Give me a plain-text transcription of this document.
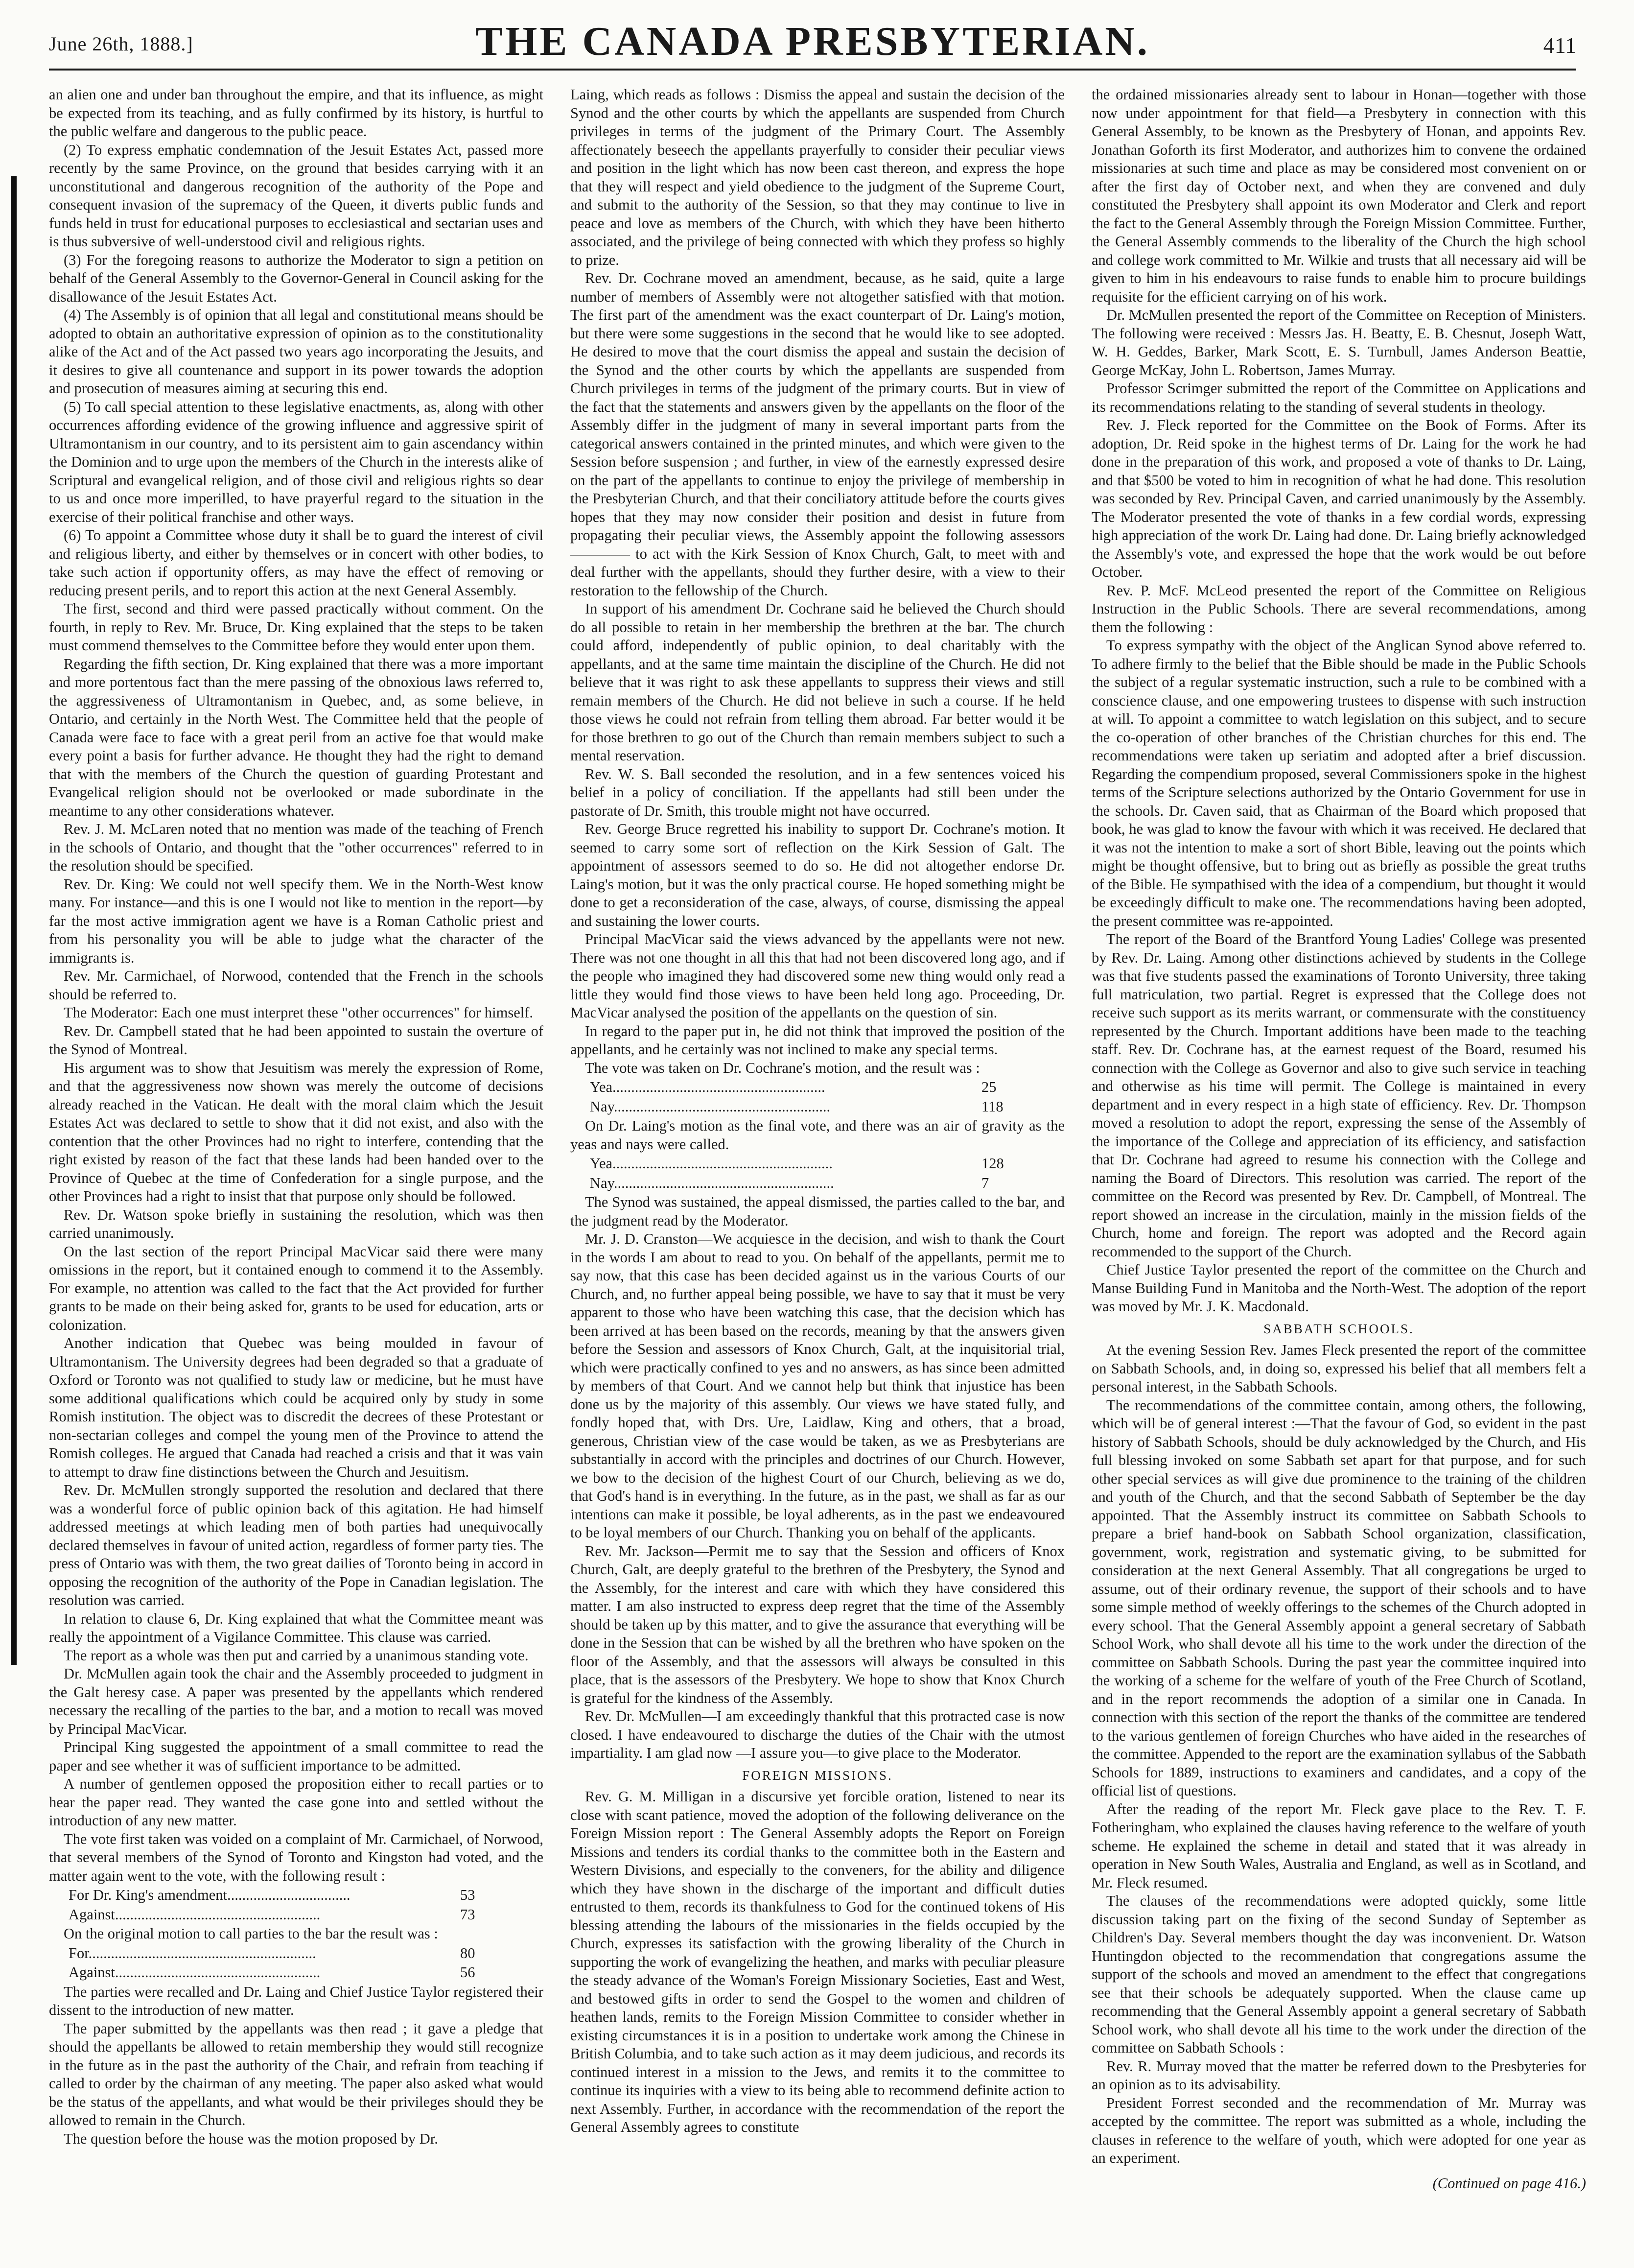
June 26th, 1888.]	THE CANADA PRESBYTERIAN.	411

an alien one and under ban throughout the empire, and that its influence, as might be expected from its teaching, and as fully confirmed by its history, is hurtful to the public welfare and dangerous to the public peace.

(2) To express emphatic condemnation of the Jesuit Estates Act, passed more recently by the same Province, on the ground that besides carrying with it an unconstitutional and dangerous recognition of the authority of the Pope and consequent invasion of the supremacy of the Queen, it diverts public funds and funds held in trust for educational purposes to ecclesiastical and sectarian uses and is thus subversive of well-understood civil and religious rights.

(3) For the foregoing reasons to authorize the Moderator to sign a petition on behalf of the General Assembly to the Governor-General in Council asking for the disallowance of the Jesuit Estates Act.

(4) The Assembly is of opinion that all legal and constitutional means should be adopted to obtain an authoritative expression of opinion as to the constitutionality alike of the Act and of the Act passed two years ago incorporating the Jesuits, and it desires to give all countenance and support in its power towards the adoption and prosecution of measures aiming at securing this end.

(5) To call special attention to these legislative enactments, as, along with other occurrences affording evidence of the growing influence and aggressive spirit of Ultramontanism in our country, and to its persistent aim to gain ascendancy within the Dominion and to urge upon the members of the Church in the interests alike of Scriptural and evangelical religion, and of those civil and religious rights so dear to us and once more imperilled, to have prayerful regard to the situation in the exercise of their political franchise and other ways.

(6) To appoint a Committee whose duty it shall be to guard the interest of civil and religious liberty, and either by themselves or in concert with other bodies, to take such action if opportunity offers, as may have the effect of removing or reducing present perils, and to report this action at the next General Assembly.

The first, second and third were passed practically without comment. On the fourth, in reply to Rev. Mr. Bruce, Dr. King explained that the steps to be taken must commend themselves to the Committee before they would enter upon them.

Regarding the fifth section, Dr. King explained that there was a more important and more portentous fact than the mere passing of the obnoxious laws referred to, the aggressiveness of Ultramontanism in Quebec, and, as some believe, in Ontario, and certainly in the North West. The Committee held that the people of Canada were face to face with a great peril from an active foe that would make every point a basis for further advance. He thought they had the right to demand that with the members of the Church the question of guarding Protestant and Evangelical religion should not be overlooked or made subordinate in the meantime to any other considerations whatever.

Rev. J. M. McLaren noted that no mention was made of the teaching of French in the schools of Ontario, and thought that the "other occurrences" referred to in the resolution should be specified.

Rev. Dr. King: We could not well specify them. We in the North-West know many. For instance—and this is one I would not like to mention in the report—by far the most active immigration agent we have is a Roman Catholic priest and from his personality you will be able to judge what the character of the immigrants is.

Rev. Mr. Carmichael, of Norwood, contended that the French in the schools should be referred to.

The Moderator: Each one must interpret these "other occurrences" for himself.

Rev. Dr. Campbell stated that he had been appointed to sustain the overture of the Synod of Montreal.

His argument was to show that Jesuitism was merely the expression of Rome, and that the aggressiveness now shown was merely the outcome of decisions already reached in the Vatican. He dealt with the moral claim which the Jesuit Estates Act was declared to settle to show that it did not exist, and also with the contention that the other Provinces had no right to interfere, contending that the right existed by reason of the fact that these lands had been handed over to the Province of Quebec at the time of Confederation for a single purpose, and the other Provinces had a right to insist that that purpose only should be followed.

Rev. Dr. Watson spoke briefly in sustaining the resolution, which was then carried unanimously.

On the last section of the report Principal MacVicar said there were many omissions in the report, but it contained enough to commend it to the Assembly. For example, no attention was called to the fact that the Act provided for further grants to be made on their being asked for, grants to be used for education, arts or colonization.

Another indication that Quebec was being moulded in favour of Ultramontanism. The University degrees had been degraded so that a graduate of Oxford or Toronto was not qualified to study law or medicine, but he must have some additional qualifications which could be acquired only by study in some Romish institution. The object was to discredit the decrees of these Protestant or non-sectarian colleges and compel the young men of the Province to attend the Romish colleges. He argued that Canada had reached a crisis and that it was vain to attempt to draw fine distinctions between the Church and Jesuitism.

Rev. Dr. McMullen strongly supported the resolution and declared that there was a wonderful force of public opinion back of this agitation. He had himself addressed meetings at which leading men of both parties had unequivocally declared themselves in favour of united action, regardless of former party ties. The press of Ontario was with them, the two great dailies of Toronto being in accord in opposing the recognition of the authority of the Pope in Canadian legislation. The resolution was carried.

In relation to clause 6, Dr. King explained that what the Committee meant was really the appointment of a Vigilance Committee. This clause was carried.

The report as a whole was then put and carried by a unanimous standing vote.

Dr. McMullen again took the chair and the Assembly proceeded to judgment in the Galt heresy case. A paper was presented by the appellants which rendered necessary the recalling of the parties to the bar, and a motion to recall was moved by Principal MacVicar.

Principal King suggested the appointment of a small committee to read the paper and see whether it was of sufficient importance to be admitted.

A number of gentlemen opposed the proposition either to recall parties or to hear the paper read. They wanted the case gone into and settled without the introduction of any new matter.

The vote first taken was voided on a complaint of Mr. Carmichael, of Norwood, that several members of the Synod of Toronto and Kingston had voted, and the matter again went to the vote, with the following result :

For Dr. King's amendment.................................	53
Against.......................................................	73

On the original motion to call parties to the bar the result was :

For.............................................................	80
Against.......................................................	56

The parties were recalled and Dr. Laing and Chief Justice Taylor registered their dissent to the introduction of new matter.

The paper submitted by the appellants was then read ; it gave a pledge that should the appellants be allowed to retain membership they would still recognize in the future as in the past the authority of the Chair, and refrain from teaching if called to order by the chairman of any meeting. The paper also asked what would be the status of the appellants, and what would be their privileges should they be allowed to remain in the Church.

The question before the house was the motion proposed by Dr.

Laing, which reads as follows : Dismiss the appeal and sustain the decision of the Synod and the other courts by which the appellants are suspended from Church privileges in terms of the judgment of the Primary Court. The Assembly affectionately beseech the appellants prayerfully to consider their peculiar views and position in the light which has now been cast thereon, and express the hope that they will respect and yield obedience to the judgment of the Supreme Court, and submit to the authority of the Session, so that they may continue to live in peace and love as members of the Church, with which they have been hitherto associated, and the privilege of being connected with which they profess so highly to prize.

Rev. Dr. Cochrane moved an amendment, because, as he said, quite a large number of members of Assembly were not altogether satisfied with that motion. The first part of the amendment was the exact counterpart of Dr. Laing's motion, but there were some suggestions in the second that he would like to see adopted. He desired to move that the court dismiss the appeal and sustain the decision of the Synod and the other courts by which the appellants are suspended from Church privileges in terms of the judgment of the primary courts. But in view of the fact that the statements and answers given by the appellants on the floor of the Assembly differ in the judgment of many in several important parts from the categorical answers contained in the printed minutes, and which were given to the Session before suspension ; and further, in view of the earnestly expressed desire on the part of the appellants to continue to enjoy the privilege of membership in the Presbyterian Church, and that their conciliatory attitude before the courts gives hopes that they may now consider their position and desist in future from propagating their peculiar views, the Assembly appoint the following assessors———— to act with the Kirk Session of Knox Church, Galt, to meet with and deal further with the appellants, should they further desire, with a view to their restoration to the fellowship of the Church.

In support of his amendment Dr. Cochrane said he believed the Church should do all possible to retain in her membership the brethren at the bar. The church could afford, independently of public opinion, to deal charitably with the appellants, and at the same time maintain the discipline of the Church. He did not believe that it was right to ask these appellants to suppress their views and still remain members of the Church. He did not believe in such a course. If he held those views he could not refrain from telling them abroad. Far better would it be for those brethren to go out of the Church than remain members subject to such a mental reservation.

Rev. W. S. Ball seconded the resolution, and in a few sentences voiced his belief in a policy of conciliation. If the appellants had still been under the pastorate of Dr. Smith, this trouble might not have occurred.

Rev. George Bruce regretted his inability to support Dr. Cochrane's motion. It seemed to carry some sort of reflection on the Kirk Session of Galt. The appointment of assessors seemed to do so. He did not altogether endorse Dr. Laing's motion, but it was the only practical course. He hoped something might be done to get a reconsideration of the case, always, of course, dismissing the appeal and sustaining the lower courts.

Principal MacVicar said the views advanced by the appellants were not new. There was not one thought in all this that had not been discovered long ago, and if the people who imagined they had discovered some new thing would only read a little they would find those views to have been held long ago. Proceeding, Dr. MacVicar analysed the position of the appellants on the question of sin.

In regard to the paper put in, he did not think that improved the position of the appellants, and he certainly was not inclined to make any special terms.

The vote was taken on Dr. Cochrane's motion, and the result was :

Yea.........................................................	25
Nay..........................................................	118

On Dr. Laing's motion as the final vote, and there was an air of gravity as the yeas and nays were called.

Yea...........................................................	128
Nay...........................................................	7

The Synod was sustained, the appeal dismissed, the parties called to the bar, and the judgment read by the Moderator.

Mr. J. D. Cranston—We acquiesce in the decision, and wish to thank the Court in the words I am about to read to you. On behalf of the appellants, permit me to say now, that this case has been decided against us in the various Courts of our Church, and, no further appeal being possible, we have to say that it must be very apparent to those who have been watching this case, that the decision which has been arrived at has been based on the records, meaning by that the answers given before the Session and assessors of Knox Church, Galt, at the inquisitorial trial, which were practically confined to yes and no answers, as has since been admitted by members of that Court. And we cannot help but think that injustice has been done us by the majority of this assembly. Our views we have stated fully, and fondly hoped that, with Drs. Ure, Laidlaw, King and others, that a broad, generous, Christian view of the case would be taken, as we as Presbyterians are substantially in accord with the principles and doctrines of our Church. However, we bow to the decision of the highest Court of our Church, believing as we do, that God's hand is in everything. In the future, as in the past, we shall as far as our intentions can make it possible, be loyal adherents, as in the past we endeavoured to be loyal members of our Church. Thanking you on behalf of the applicants.

Rev. Mr. Jackson—Permit me to say that the Session and officers of Knox Church, Galt, are deeply grateful to the brethren of the Presbytery, the Synod and the Assembly, for the interest and care with which they have considered this matter. I am also instructed to express deep regret that the time of the Assembly should be taken up by this matter, and to give the assurance that everything will be done in the Session that can be wished by all the brethren who have spoken on the floor of the Assembly, and that the assessors will always be consulted in this place, that is the assessors of the Presbytery. We hope to show that Knox Church is grateful for the kindness of the Assembly.

Rev. Dr. McMullen—I am exceedingly thankful that this protracted case is now closed. I have endeavoured to discharge the duties of the Chair with the utmost impartiality. I am glad now —I assure you—to give place to the Moderator.

FOREIGN MISSIONS.

Rev. G. M. Milligan in a discursive yet forcible oration, listened to near its close with scant patience, moved the adoption of the following deliverance on the Foreign Mission report : The General Assembly adopts the Report on Foreign Missions and tenders its cordial thanks to the committee both in the Eastern and Western Divisions, and especially to the conveners, for the ability and diligence which they have shown in the discharge of the important and difficult duties entrusted to them, records its thankfulness to God for the continued tokens of His blessing attending the labours of the missionaries in the fields occupied by the Church, expresses its satisfaction with the growing liberality of the Church in supporting the work of evangelizing the heathen, and marks with peculiar pleasure the steady advance of the Woman's Foreign Missionary Societies, East and West, and bestowed gifts in order to send the Gospel to the women and children of heathen lands, remits to the Foreign Mission Committee to consider whether in existing circumstances it is in a position to undertake work among the Chinese in British Columbia, and to take such action as it may deem judicious, and records its continued interest in a mission to the Jews, and remits it to the committee to continue its inquiries with a view to its being able to recommend definite action to next Assembly. Further, in accordance with the recommendation of the report the General Assembly agrees to constitute

the ordained missionaries already sent to labour in Honan—together with those now under appointment for that field—a Presbytery in connection with this General Assembly, to be known as the Presbytery of Honan, and appoints Rev. Jonathan Goforth its first Moderator, and authorizes him to convene the ordained missionaries at such time and place as may be considered most convenient on or after the first day of October next, and when they are convened and duly constituted the Presbytery shall appoint its own Moderator and Clerk and report the fact to the General Assembly through the Foreign Mission Committee. Further, the General Assembly commends to the liberality of the Church the high school and college work committed to Mr. Wilkie and trusts that all necessary aid will be given to him in his endeavours to raise funds to enable him to procure buildings requisite for the efficient carrying on of his work.

Dr. McMullen presented the report of the Committee on Reception of Ministers. The following were received : Messrs Jas. H. Beatty, E. B. Chesnut, Joseph Watt, W. H. Geddes, Barker, Mark Scott, E. S. Turnbull, James Anderson Beattie, George McKay, John L. Robertson, James Murray.

Professor Scrimger submitted the report of the Committee on Applications and its recommendations relating to the standing of several students in theology.

Rev. J. Fleck reported for the Committee on the Book of Forms. After its adoption, Dr. Reid spoke in the highest terms of Dr. Laing for the work he had done in the preparation of this work, and proposed a vote of thanks to Dr. Laing, and that $500 be voted to him in recognition of what he had done. This resolution was seconded by Rev. Principal Caven, and carried unanimously by the Assembly. The Moderator presented the vote of thanks in a few cordial words, expressing high appreciation of the work Dr. Laing had done. Dr. Laing briefly acknowledged the Assembly's vote, and expressed the hope that the work would be out before October.

Rev. P. McF. McLeod presented the report of the Committee on Religious Instruction in the Public Schools. There are several recommendations, among them the following :

To express sympathy with the object of the Anglican Synod above referred to. To adhere firmly to the belief that the Bible should be made in the Public Schools the subject of a regular systematic instruction, such a rule to be combined with a conscience clause, and one empowering trustees to dispense with such instruction at will. To appoint a committee to watch legislation on this subject, and to secure the co-operation of other branches of the Christian churches for this end. The recommendations were taken up seriatim and adopted after a brief discussion. Regarding the compendium proposed, several Commissioners spoke in the highest terms of the Scripture selections authorized by the Ontario Government for use in the schools. Dr. Caven said, that as Chairman of the Board which proposed that book, he was glad to know the favour with which it was received. He declared that it was not the intention to make a sort of short Bible, leaving out the points which might be thought offensive, but to bring out as briefly as possible the great truths of the Bible. He sympathised with the idea of a compendium, but thought it would be exceedingly difficult to make one. The recommendations having been adopted, the present committee was re-appointed.

The report of the Board of the Brantford Young Ladies' College was presented by Rev. Dr. Laing. Among other distinctions achieved by students in the College was that five students passed the examinations of Toronto University, three taking full matriculation, two partial. Regret is expressed that the College does not receive such support as its merits warrant, or commensurate with the constituency represented by the Church. Important additions have been made to the teaching staff. Rev. Dr. Cochrane has, at the earnest request of the Board, resumed his connection with the College as Governor and also to give such service in teaching and otherwise as his time will permit. The College is maintained in every department and in every respect in a high state of efficiency. Rev. Dr. Thompson moved a resolution to adopt the report, expressing the sense of the Assembly of the importance of the College and appreciation of its efficiency, and satisfaction that Dr. Cochrane had agreed to resume his connection with the College and naming the Board of Directors. This resolution was carried. The report of the committee on the Record was presented by Rev. Dr. Campbell, of Montreal. The report showed an increase in the circulation, mainly in the mission fields of the Church, home and foreign. The report was adopted and the Record again recommended to the support of the Church.

Chief Justice Taylor presented the report of the committee on the Church and Manse Building Fund in Manitoba and the North-West. The adoption of the report was moved by Mr. J. K. Macdonald.

SABBATH SCHOOLS.

At the evening Session Rev. James Fleck presented the report of the committee on Sabbath Schools, and, in doing so, expressed his belief that all members felt a personal interest, in the Sabbath Schools.

The recommendations of the committee contain, among others, the following, which will be of general interest :—That the favour of God, so evident in the past history of Sabbath Schools, should be duly acknowledged by the Church, and His full blessing invoked on some Sabbath set apart for that purpose, and for such other special services as will give due prominence to the training of the children and youth of the Church, and that the second Sabbath of September be the day appointed. That the Assembly instruct its committee on Sabbath Schools to prepare a brief hand-book on Sabbath School organization, classification, government, work, registration and systematic giving, to be submitted for consideration at the next General Assembly. That all congregations be urged to assume, out of their ordinary revenue, the support of their schools and to have some simple method of weekly offerings to the schemes of the Church adopted in every school. That the General Assembly appoint a general secretary of Sabbath School Work, who shall devote all his time to the work under the direction of the committee on Sabbath Schools. During the past year the committee inquired into the working of a scheme for the welfare of youth of the Free Church of Scotland, and in the report recommends the adoption of a similar one in Canada. In connection with this section of the report the thanks of the committee are tendered to the various gentlemen of foreign Churches who have aided in the researches of the committee. Appended to the report are the examination syllabus of the Sabbath Schools for 1889, instructions to examiners and candidates, and a copy of the official list of questions.

After the reading of the report Mr. Fleck gave place to the Rev. T. F. Fotheringham, who explained the clauses having reference to the welfare of youth scheme. He explained the scheme in detail and stated that it was already in operation in New South Wales, Australia and England, as well as in Scotland, and Mr. Fleck resumed.

The clauses of the recommendations were adopted quickly, some little discussion taking part on the fixing of the second Sunday of September as Children's Day. Several members thought the day was inconvenient. Dr. Watson Huntingdon objected to the recommendation that congregations assume the support of the schools and moved an amendment to the effect that congregations see that their schools be adequately supported. When the clause came up recommending that the General Assembly appoint a general secretary of Sabbath School work, who shall devote all his time to the work under the direction of the committee on Sabbath Schools :

Rev. R. Murray moved that the matter be referred down to the Presbyteries for an opinion as to its advisability.

President Forrest seconded and the recommendation of Mr. Murray was accepted by the committee. The report was submitted as a whole, including the clauses in reference to the welfare of youth, which were adopted for one year as an experiment.

(Continued on page 416.)
